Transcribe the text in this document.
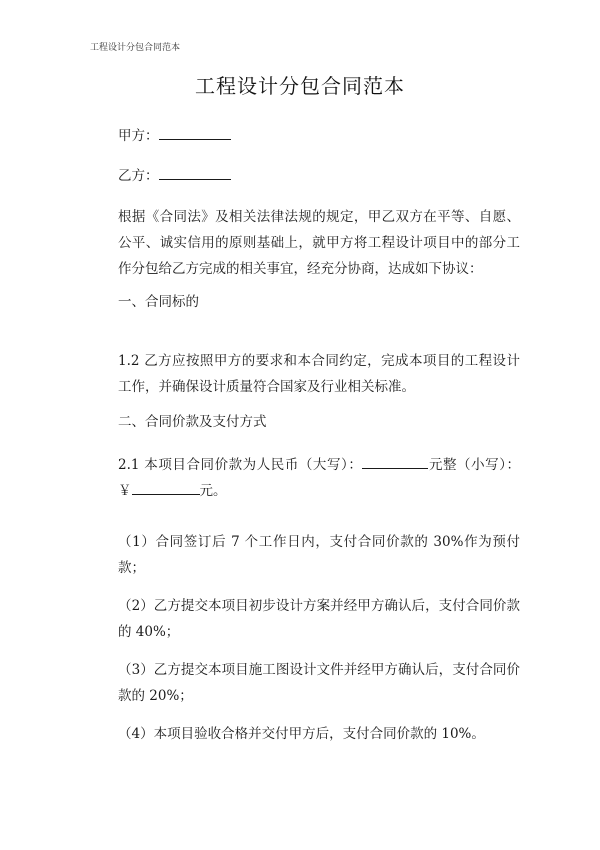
工程设计分包合同范本
工程设计分包合同范本
甲方：
乙方：
根据《合同法》及相关法律法规的规定，甲乙双方在平等、自愿、公平、诚实信用的原则基础上，就甲方将工程设计项目中的部分工作分包给乙方完成的相关事宜，经充分协商，达成如下协议：
一、合同标的
1.2 乙方应按照甲方的要求和本合同约定，完成本项目的工程设计工作，并确保设计质量符合国家及行业相关标准。
二、合同价款及支付方式
2.1 本项目合同价款为人民币（大写）：	元整（小写）：￥	元。
（1）合同签订后 7 个工作日内，支付合同价款的 30%作为预付款；
（2）乙方提交本项目初步设计方案并经甲方确认后，支付合同价款的 40%；
（3）乙方提交本项目施工图设计文件并经甲方确认后，支付合同价款的 20%；
（4）本项目验收合格并交付甲方后，支付合同价款的 10%。
